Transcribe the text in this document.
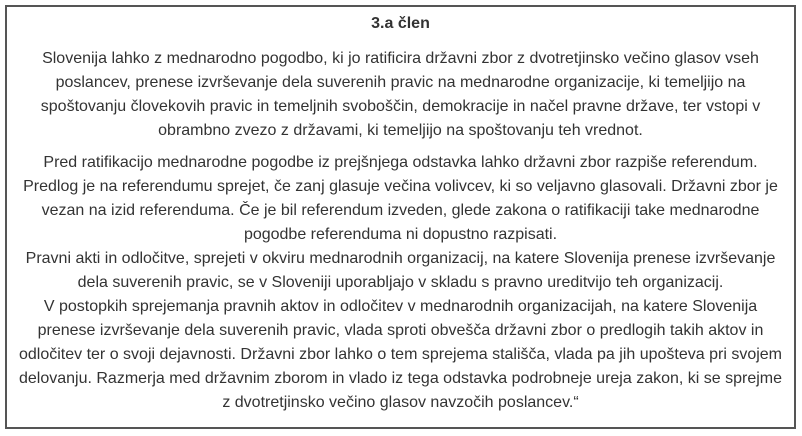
3.a člen

Slovenija lahko z mednarodno pogodbo, ki jo ratificira državni zbor z dvotretjinsko večino glasov vseh poslancev, prenese izvrševanje dela suverenih pravic na mednarodne organizacije, ki temeljijo na spoštovanju človekovih pravic in temeljnih svoboščin, demokracije in načel pravne države, ter vstopi v obrambno zvezo z državami, ki temeljijo na spoštovanju teh vrednot.

Pred ratifikacijo mednarodne pogodbe iz prejšnjega odstavka lahko državni zbor razpiše referendum. Predlog je na referendumu sprejet, če zanj glasuje večina volivcev, ki so veljavno glasovali. Državni zbor je vezan na izid referenduma. Če je bil referendum izveden, glede zakona o ratifikaciji take mednarodne pogodbe referenduma ni dopustno razpisati.

Pravni akti in odločitve, sprejeti v okviru mednarodnih organizacij, na katere Slovenija prenese izvrševanje dela suverenih pravic, se v Sloveniji uporabljajo v skladu s pravno ureditvijo teh organizacij.

V postopkih sprejemanja pravnih aktov in odločitev v mednarodnih organizacijah, na katere Slovenija prenese izvrševanje dela suverenih pravic, vlada sproti obvešča državni zbor o predlogih takih aktov in odločitev ter o svoji dejavnosti. Državni zbor lahko o tem sprejema stališča, vlada pa jih upošteva pri svojem delovanju. Razmerja med državnim zborom in vlado iz tega odstavka podrobneje ureja zakon, ki se sprejme z dvotretjinsko večino glasov navzočih poslancev.“
